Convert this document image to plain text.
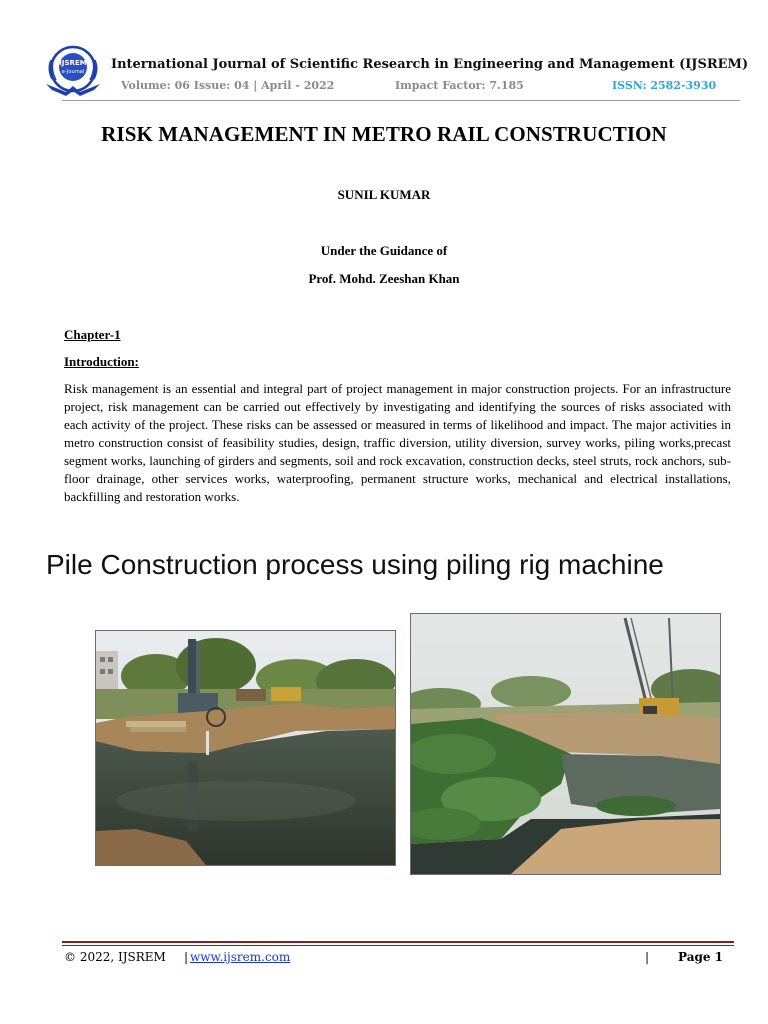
IJSREM
e-Journal International Journal of Scientific Research in Engineering and Management (IJSREM)
Volume: 06 Issue: 04 | April - 2022	Impact Factor: 7.185	ISSN: 2582-3930
RISK MANAGEMENT IN METRO RAIL CONSTRUCTION
SUNIL KUMAR
Under the Guidance of
Prof. Mohd. Zeeshan Khan
Chapter-1
Introduction:
Risk management is an essential and integral part of project management in major construction projects. For an infrastructure project, risk management can be carried out effectively by investigating and identifying the sources of risks associated with each activity of the project. These risks can be assessed or measured in terms of likelihood and impact. The major activities in metro construction consist of feasibility studies, design, traffic diversion, utility diversion, survey works, piling works,precast segment works, launching of girders and segments, soil and rock excavation, construction decks, steel struts, rock anchors, sub-floor drainage, other services works, waterproofing, permanent structure works, mechanical and electrical installations, backfilling and restoration works.
Pile Construction process using piling rig machine
© 2022, IJSREM | www.ijsrem.com	| Page 1
